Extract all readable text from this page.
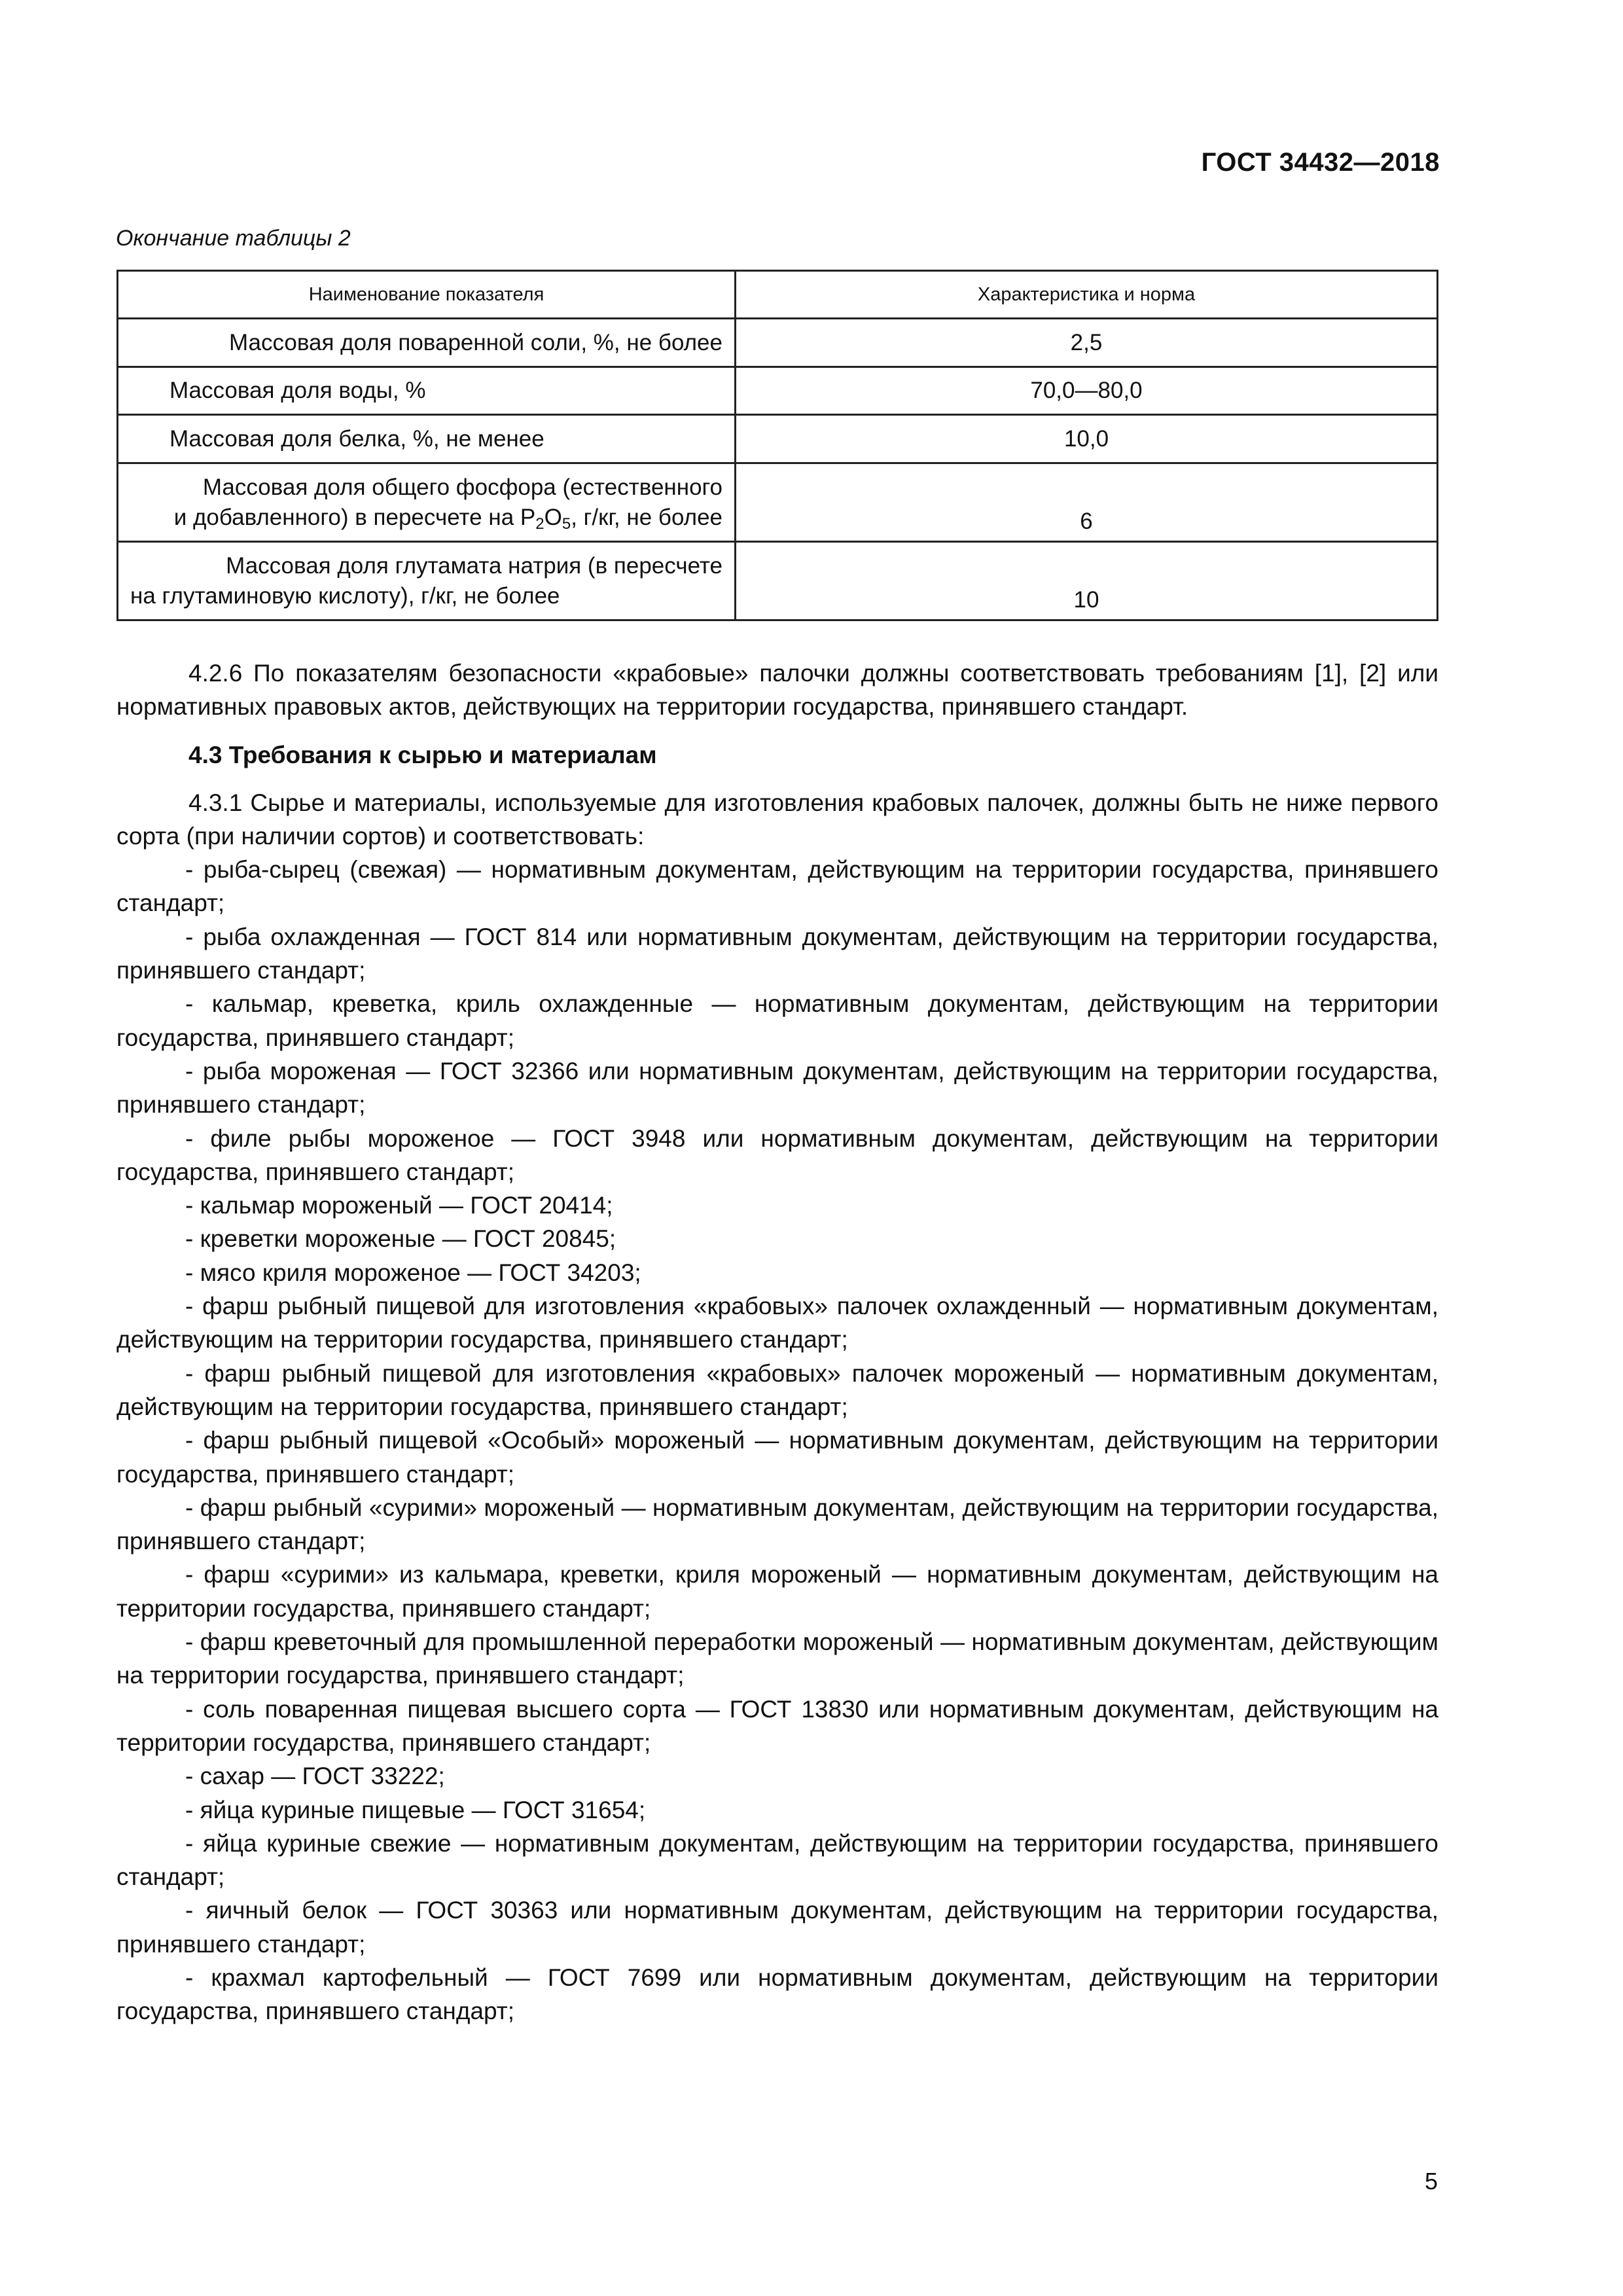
ГОСТ 34432—2018
Окончание таблицы 2
Наименование показателя	Характеристика и норма
Массовая доля поваренной соли, %, не более	2,5
Массовая доля воды, %	70,0—80,0
Массовая доля белка, %, не менее	10,0

Массовая доля общего фосфора (естественного
и добавленного) в пересчете на $P_2O_5$, г/кг, не более	6

Массовая доля глутамата натрия (в пересчете
на глутаминовую кислоту), г/кг, не более	10

4.2.6 По показателям безопасности «крабовые» палочки должны соответствовать требованиям [1], [2] или нормативных правовых актов, действующих на территории государства, принявшего стандарт.

4.3 Требования к сырью и материалам

4.3.1 Сырье и материалы, используемые для изготовления крабовых палочек, должны быть не ниже первого сорта (при наличии сортов) и соответствовать:

- рыба-сырец (свежая) — нормативным документам, действующим на территории государства, принявшего стандарт;

- рыба охлажденная — ГОСТ 814 или нормативным документам, действующим на территории государства, принявшего стандарт;

- кальмар, креветка, криль охлажденные — нормативным документам, действующим на территории государства, принявшего стандарт;

- рыба мороженая — ГОСТ 32366 или нормативным документам, действующим на территории государства, принявшего стандарт;

- филе рыбы мороженое — ГОСТ 3948 или нормативным документам, действующим на территории государства, принявшего стандарт;

- кальмар мороженый — ГОСТ 20414;

- креветки мороженые — ГОСТ 20845;

- мясо криля мороженое — ГОСТ 34203;

- фарш рыбный пищевой для изготовления «крабовых» палочек охлажденный — нормативным документам, действующим на территории государства, принявшего стандарт;

- фарш рыбный пищевой для изготовления «крабовых» палочек мороженый — нормативным документам, действующим на территории государства, принявшего стандарт;

- фарш рыбный пищевой «Особый» мороженый — нормативным документам, действующим на территории государства, принявшего стандарт;

- фарш рыбный «сурими» мороженый — нормативным документам, действующим на территории государства, принявшего стандарт;

- фарш «сурими» из кальмара, креветки, криля мороженый — нормативным документам, действующим на территории государства, принявшего стандарт;

- фарш креветочный для промышленной переработки мороженый — нормативным документам, действующим на территории государства, принявшего стандарт;

- соль поваренная пищевая высшего сорта — ГОСТ 13830 или нормативным документам, действующим на территории государства, принявшего стандарт;

- сахар — ГОСТ 33222;

- яйца куриные пищевые — ГОСТ 31654;

- яйца куриные свежие — нормативным документам, действующим на территории государства, принявшего стандарт;

- яичный белок — ГОСТ 30363 или нормативным документам, действующим на территории государства, принявшего стандарт;

- крахмал картофельный — ГОСТ 7699 или нормативным документам, действующим на территории государства, принявшего стандарт;

5
